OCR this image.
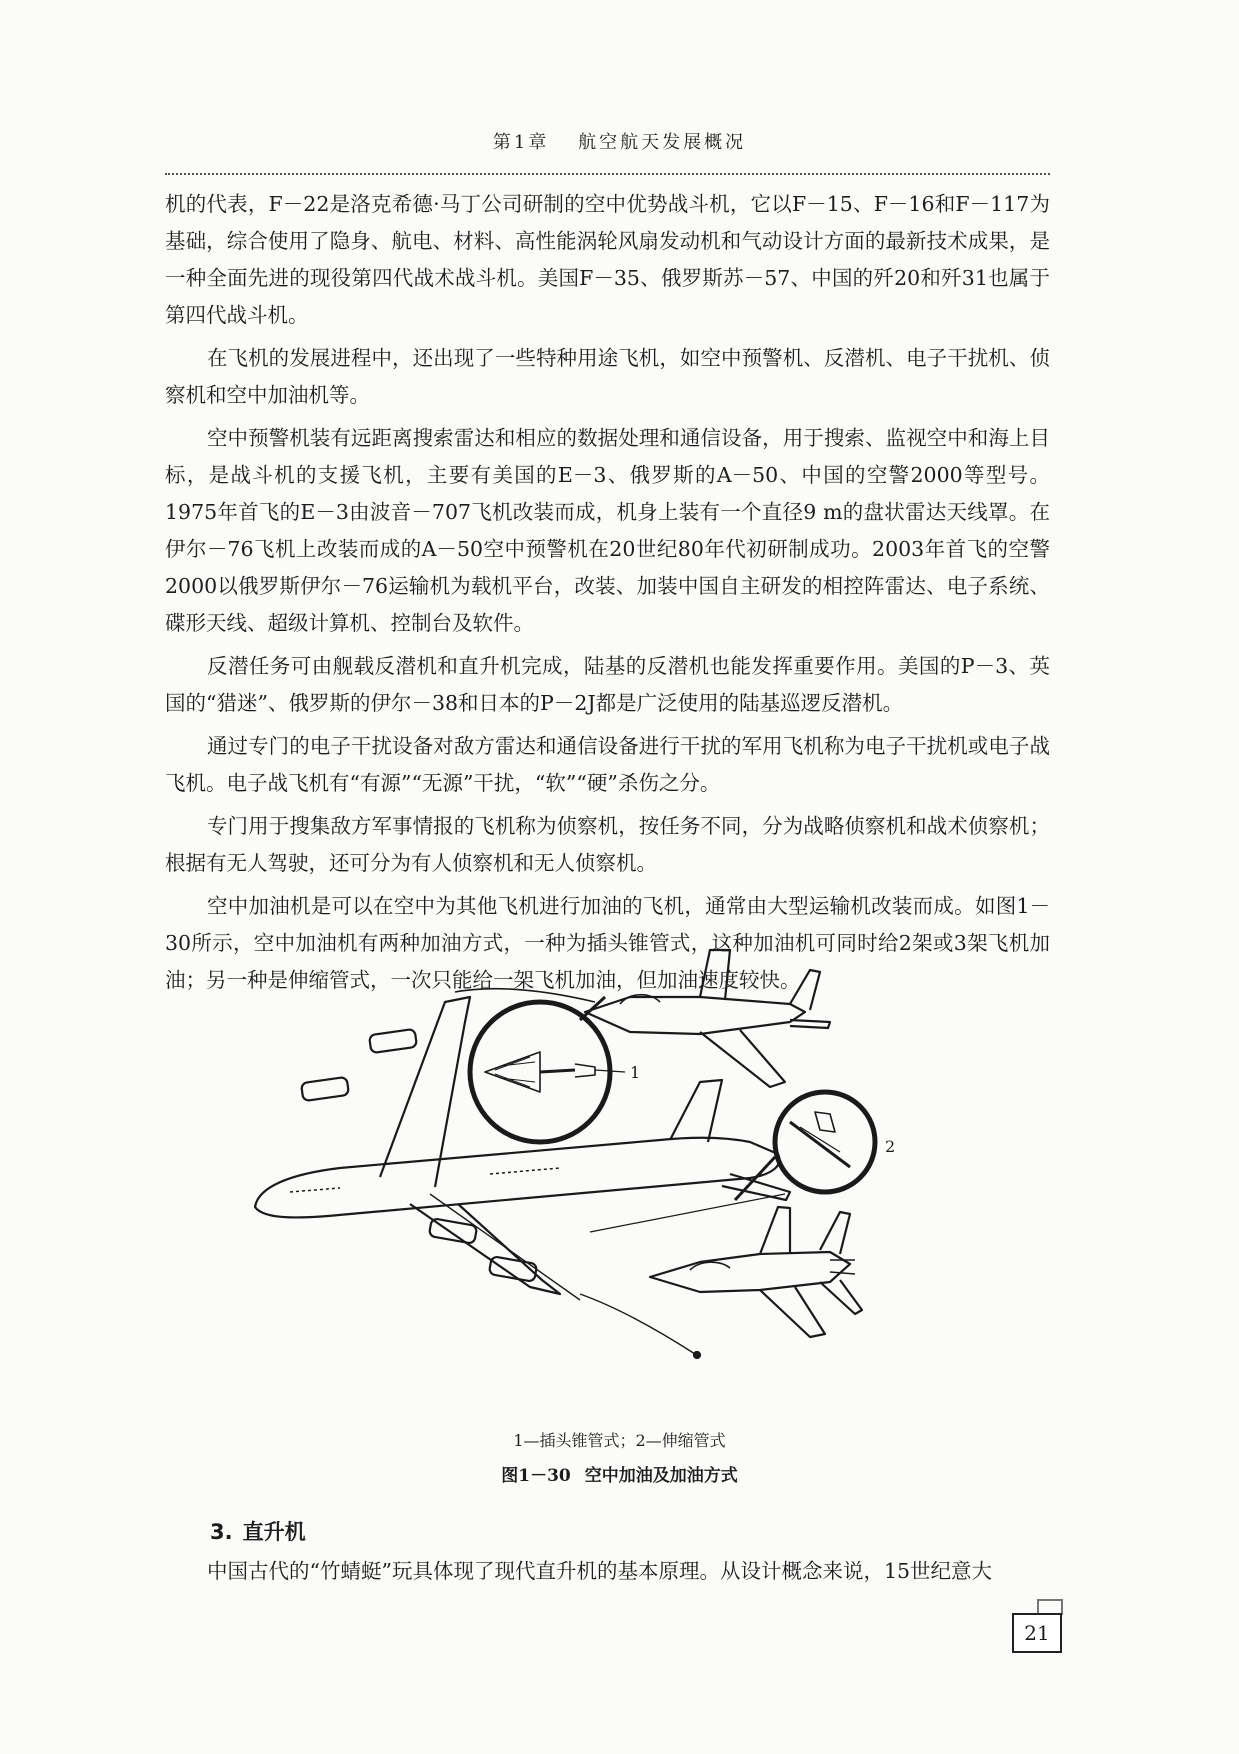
第1章 航空航天发展概况

机的代表，F－22是洛克希德·马丁公司研制的空中优势战斗机，它以F－15、F－16和F－117为基础，综合使用了隐身、航电、材料、高性能涡轮风扇发动机和气动设计方面的最新技术成果，是一种全面先进的现役第四代战术战斗机。美国F－35、俄罗斯苏－57、中国的歼20和歼31也属于第四代战斗机。

在飞机的发展进程中，还出现了一些特种用途飞机，如空中预警机、反潜机、电子干扰机、侦察机和空中加油机等。

空中预警机装有远距离搜索雷达和相应的数据处理和通信设备，用于搜索、监视空中和海上目标，是战斗机的支援飞机，主要有美国的E－3、俄罗斯的A－50、中国的空警2000等型号。1975年首飞的E－3由波音－707飞机改装而成，机身上装有一个直径9 m的盘状雷达天线罩。在伊尔－76飞机上改装而成的A－50空中预警机在20世纪80年代初研制成功。2003年首飞的空警2000以俄罗斯伊尔－76运输机为载机平台，改装、加装中国自主研发的相控阵雷达、电子系统、碟形天线、超级计算机、控制台及软件。

反潜任务可由舰载反潜机和直升机完成，陆基的反潜机也能发挥重要作用。美国的P－3、英国的“猎迷”、俄罗斯的伊尔－38和日本的P－2J都是广泛使用的陆基巡逻反潜机。

通过专门的电子干扰设备对敌方雷达和通信设备进行干扰的军用飞机称为电子干扰机或电子战飞机。电子战飞机有“有源”“无源”干扰，“软”“硬”杀伤之分。

专门用于搜集敌方军事情报的飞机称为侦察机，按任务不同，分为战略侦察机和战术侦察机；根据有无人驾驶，还可分为有人侦察机和无人侦察机。

空中加油机是可以在空中为其他飞机进行加油的飞机，通常由大型运输机改装而成。如图1－30所示，空中加油机有两种加油方式，一种为插头锥管式，这种加油机可同时给2架或3架飞机加油；另一种是伸缩管式，一次只能给一架飞机加油，但加油速度较快。

1
2
1—插头锥管式；2—伸缩管式
图1－30 空中加油及加油方式
3. 直升机
中国古代的“竹蜻蜓”玩具体现了现代直升机的基本原理。从设计概念来说，15世纪意大
21
